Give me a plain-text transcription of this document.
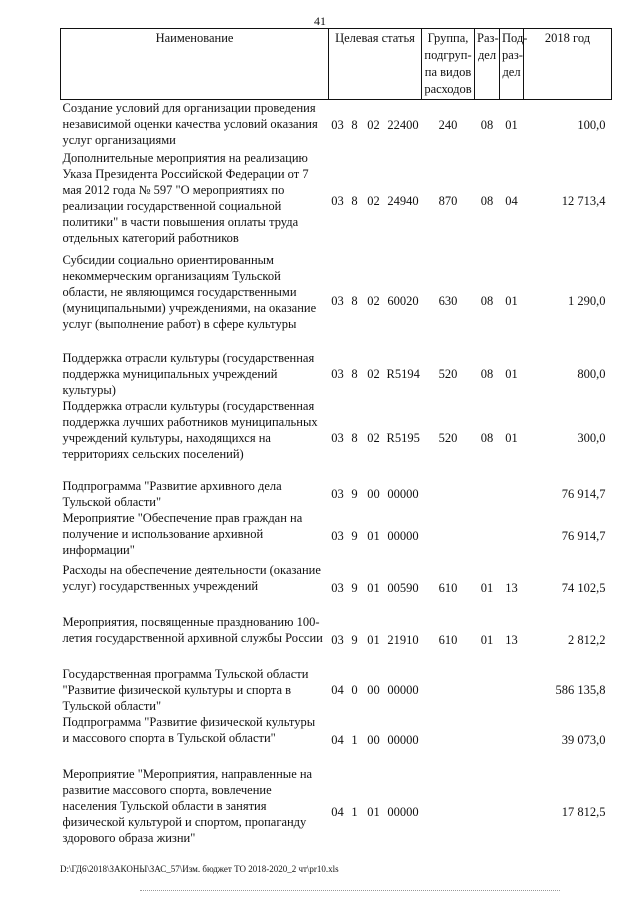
41
Наименование	Целевая статья				Группа, подгруп-па видов расходов	Раз-дел	Под-раз-дел	2018 год
Создание условий для организации проведения независимой оценки качества условий оказания услуг организациями	03	8	02	22400	240	08	01	100,0
Дополнительные мероприятия на реализацию Указа Президента Российской Федерации от 7 мая 2012 года № 597 "О мероприятиях по реализации государственной социальной политики" в части повышения оплаты труда отдельных категорий работников	03	8	02	24940	870	08	04	12 713,4
Субсидии социально ориентированным некоммерческим организациям Тульской области, не являющимся государственными (муниципальными) учреждениями, на оказание услуг (выполнение работ) в сфере культуры	03	8	02	60020	630	08	01	1 290,0
Поддержка отрасли культуры (государственная поддержка муниципальных учреждений культуры)	03	8	02	R5194	520	08	01	800,0
Поддержка отрасли культуры (государственная поддержка лучших работников муниципальных учреждений культуры, находящихся на территориях сельских поселений)	03	8	02	R5195	520	08	01	300,0
Подпрограмма "Развитие архивного дела Тульской области"	03	9	00	00000				76 914,7
Мероприятие "Обеспечение прав граждан на получение и использование архивной информации"	03	9	01	00000				76 914,7
Расходы на обеспечение деятельности (оказание услуг) государственных учреждений	03	9	01	00590	610	01	13	74 102,5
Мероприятия, посвященные празднованию 100-летия государственной архивной службы России	03	9	01	21910	610	01	13	2 812,2
Государственная программа Тульской области "Развитие физической культуры и спорта в Тульской области"	04	0	00	00000				586 135,8
Подпрограмма "Развитие физической культуры и массового спорта в Тульской области"	04	1	00	00000				39 073,0
Мероприятие "Мероприятия, направленные на развитие массового спорта, вовлечение населения Тульской области в занятия физической культурой и спортом, пропаганду здорового образа жизни"	04	1	01	00000				17 812,5
D:\ГД6\2018\ЗАКОНЫ\ЗАС_57\Изм. бюджет ТО 2018-2020_2 чт\pr10.xls
